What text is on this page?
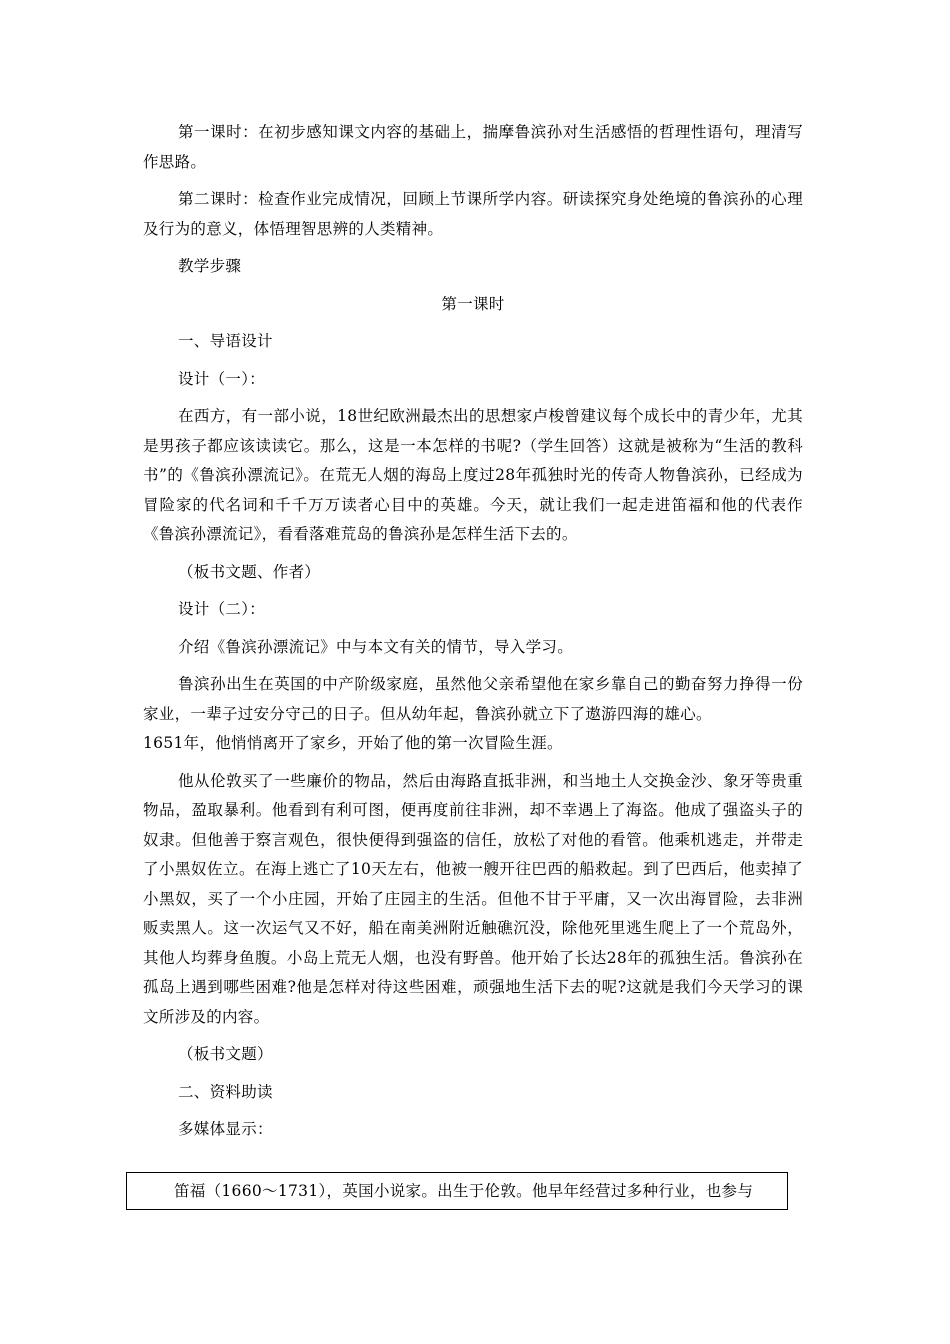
第一课时：在初步感知课文内容的基础上，揣摩鲁滨孙对生活感悟的哲理性语句，理清写作思路。

第二课时：检查作业完成情况，回顾上节课所学内容。研读探究身处绝境的鲁滨孙的心理及行为的意义，体悟理智思辨的人类精神。

教学步骤

第一课时

一、导语设计

设计（一）：

在西方，有一部小说，18世纪欧洲最杰出的思想家卢梭曾建议每个成长中的青少年，尤其是男孩子都应该读读它。那么，这是一本怎样的书呢?（学生回答）这就是被称为“生活的教科书”的《鲁滨孙漂流记》。在荒无人烟的海岛上度过28年孤独时光的传奇人物鲁滨孙，已经成为冒险家的代名词和千千万万读者心目中的英雄。今天，就让我们一起走进笛福和他的代表作《鲁滨孙漂流记》，看看落难荒岛的鲁滨孙是怎样生活下去的。

（板书文题、作者）

设计（二）：

介绍《鲁滨孙漂流记》中与本文有关的情节，导入学习。

鲁滨孙出生在英国的中产阶级家庭，虽然他父亲希望他在家乡靠自己的勤奋努力挣得一份家业，一辈子过安分守己的日子。但从幼年起，鲁滨孙就立下了遨游四海的雄心。

1651年，他悄悄离开了家乡，开始了他的第一次冒险生涯。

他从伦敦买了一些廉价的物品，然后由海路直抵非洲，和当地土人交换金沙、象牙等贵重物品，盈取暴利。他看到有利可图，便再度前往非洲，却不幸遇上了海盗。他成了强盗头子的奴隶。但他善于察言观色，很快便得到强盗的信任，放松了对他的看管。他乘机逃走，并带走了小黑奴佐立。在海上逃亡了10天左右，他被一艘开往巴西的船救起。到了巴西后，他卖掉了小黑奴，买了一个小庄园，开始了庄园主的生活。但他不甘于平庸，又一次出海冒险，去非洲贩卖黑人。这一次运气又不好，船在南美洲附近触礁沉没，除他死里逃生爬上了一个荒岛外，其他人均葬身鱼腹。小岛上荒无人烟，也没有野兽。他开始了长达28年的孤独生活。鲁滨孙在孤岛上遇到哪些困难?他是怎样对待这些困难，顽强地生活下去的呢?这就是我们今天学习的课文所涉及的内容。

（板书文题）

二、资料助读

多媒体显示：

笛福（1660～1731），英国小说家。出生于伦敦。他早年经营过多种行业，也参与
